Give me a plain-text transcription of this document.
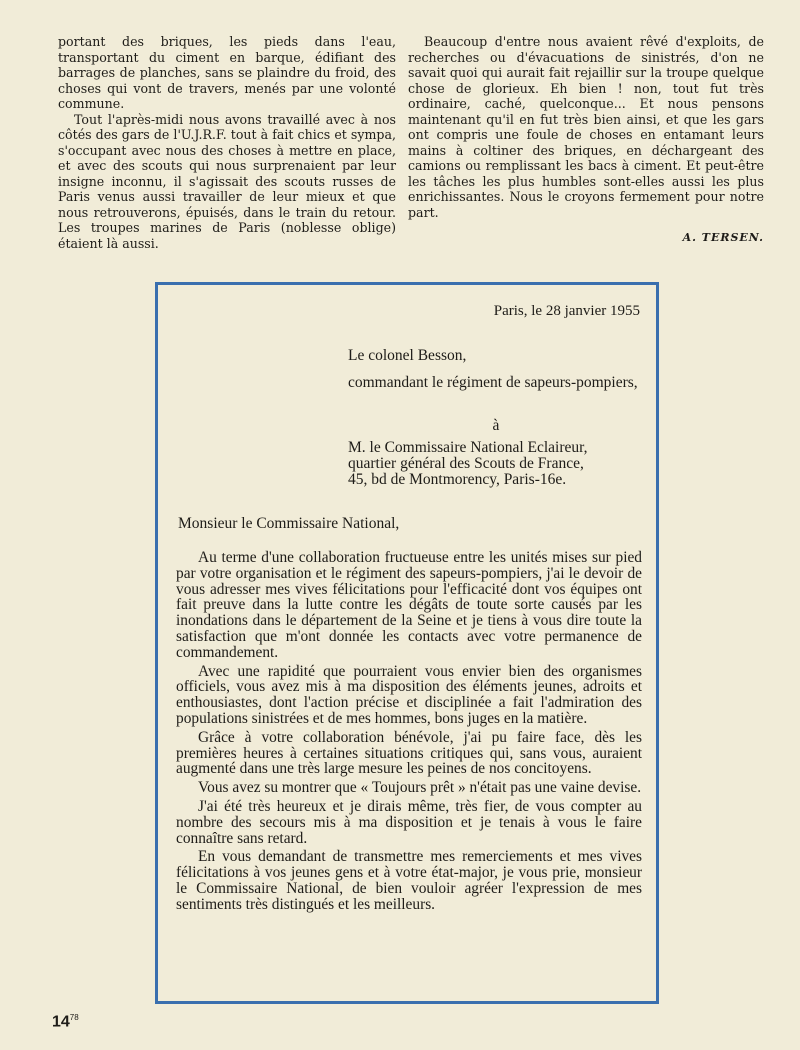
portant des briques, les pieds dans l'eau, transportant du ciment en barque, édifiant des barrages de planches, sans se plaindre du froid, des choses qui vont de travers, menés par une volonté commune.

Tout l'après-midi nous avons travaillé avec à nos côtés des gars de l'U.J.R.F. tout à fait chics et sympa, s'occupant avec nous des choses à mettre en place, et avec des scouts qui nous surprenaient par leur insigne inconnu, il s'agissait des scouts russes de Paris venus aussi travailler de leur mieux et que nous retrouverons, épuisés, dans le train du retour. Les troupes marines de Paris (noblesse oblige) étaient là aussi.

Beaucoup d'entre nous avaient rêvé d'exploits, de recherches ou d'évacuations de sinistrés, d'on ne savait quoi qui aurait fait rejaillir sur la troupe quelque chose de glorieux. Eh bien ! non, tout fut très ordinaire, caché, quelconque... Et nous pensons maintenant qu'il en fut très bien ainsi, et que les gars ont compris une foule de choses en entamant leurs mains à coltiner des briques, en déchargeant des camions ou remplissant les bacs à ciment. Et peut-être les tâches les plus humbles sont-elles aussi les plus enrichissantes. Nous le croyons fermement pour notre part.

A. TERSEN.
Paris, le 28 janvier 1955
Le colonel Besson,
commandant le régiment de sapeurs-pompiers,
à
M. le Commissaire National Eclaireur,
quartier général des Scouts de France,
45, bd de Montmorency, Paris-16e.
Monsieur le Commissaire National,

Au terme d'une collaboration fructueuse entre les unités mises sur pied par votre organisation et le régiment des sapeurs-pompiers, j'ai le devoir de vous adresser mes vives félicitations pour l'efficacité dont vos équipes ont fait preuve dans la lutte contre les dégâts de toute sorte causés par les inondations dans le département de la Seine et je tiens à vous dire toute la satisfaction que m'ont donnée les contacts avec votre permanence de commandement.

Avec une rapidité que pourraient vous envier bien des organismes officiels, vous avez mis à ma disposition des éléments jeunes, adroits et enthousiastes, dont l'action précise et disciplinée a fait l'admiration des populations sinistrées et de mes hommes, bons juges en la matière.

Grâce à votre collaboration bénévole, j'ai pu faire face, dès les premières heures à certaines situations critiques qui, sans vous, auraient augmenté dans une très large mesure les peines de nos concitoyens.

Vous avez su montrer que « Toujours prêt » n'était pas une vaine devise.

J'ai été très heureux et je dirais même, très fier, de vous compter au nombre des secours mis à ma disposition et je tenais à vous le faire connaître sans retard.

En vous demandant de transmettre mes remerciements et mes vives félicitations à vos jeunes gens et à votre état-major, je vous prie, monsieur le Commissaire National, de bien vouloir agréer l'expression de mes sentiments très distingués et les meilleurs.

$14^{78}$
